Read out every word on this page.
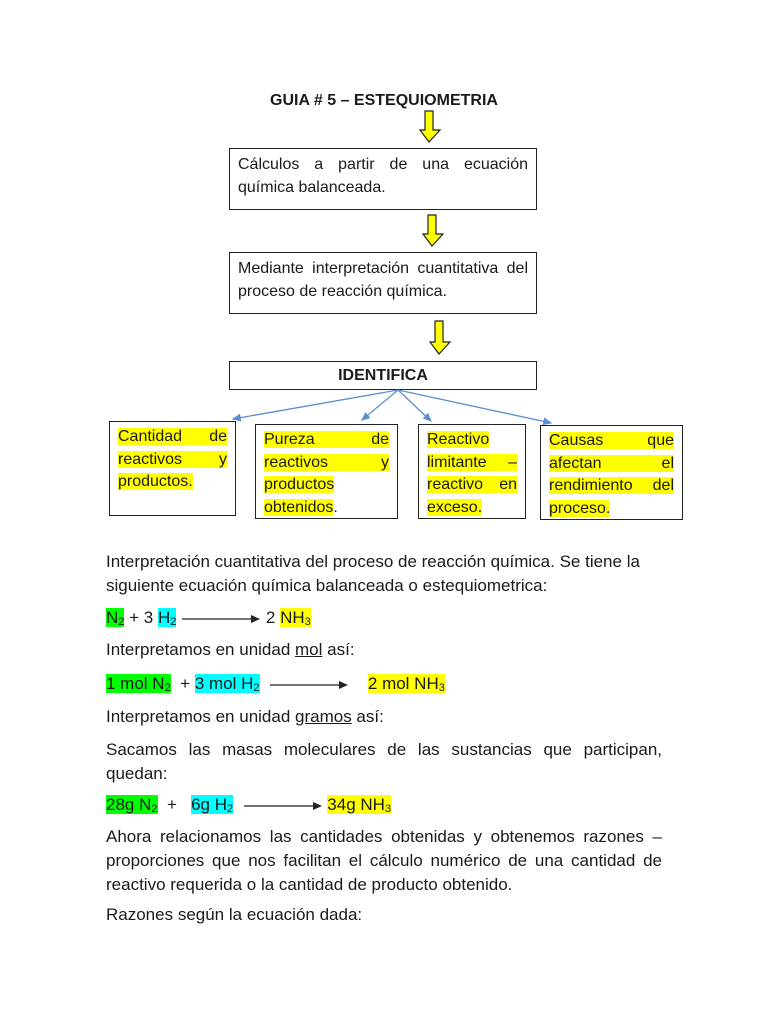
GUIA # 5 – ESTEQUIOMETRIA
Cálculos a partir de una ecuación química balanceada.
Mediante interpretación cuantitativa del proceso de reacción química.
IDENTIFICA
Cantidad de
reactivos y
productos.
Pureza de
reactivos y
productos
obtenidos.
Reactivo
limitante –
reactivo en
exceso.
Causas que
afectan el
rendimiento del
proceso.
Interpretación cuantitativa del proceso de reacción química. Se tiene la siguiente ecuación química balanceada o estequiometrica:
$N_2 + 3$ $H_2$	2 $NH_3$
Interpretamos en unidad mol así:
1 mol $N_2 + 3$ mol $H_2$	2 mol $NH_3$
Interpretamos en unidad gramos así:
Sacamos las masas moleculares de las sustancias que participan, quedan:
28g $N_2 + 6g$ $H_2$	34g $NH_3$
Ahora relacionamos las cantidades obtenidas y obtenemos razones – proporciones que nos facilitan el cálculo numérico de una cantidad de reactivo requerida o la cantidad de producto obtenido.
Razones según la ecuación dada:
